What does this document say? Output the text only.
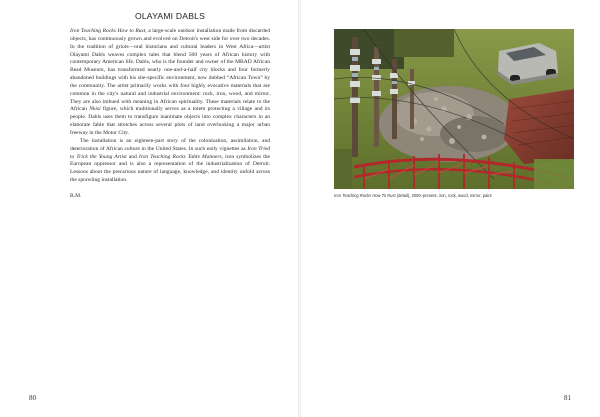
OLAYAMI DABLS

Iron Teaching Rocks How to Rust, a large-scale outdoor installation made from discarded objects, has continuously grown and evolved on Detroit's west side for over two decades. In the tradition of griots—oral historians and cultural leaders in West Africa—artist Olayami Dabls weaves complex tales that blend 500 years of African history with contemporary American life. Dabls, who is the founder and owner of the MBAD African Bead Museum, has transformed nearly one-and-a-half city blocks and four formerly abandoned buildings with his site-specific environment, now dubbed “African Town” by the community. The artist primarily works with four highly evocative materials that are common in the city's natural and industrial environment: rock, iron, wood, and mirror. They are also imbued with meaning in African spirituality. These materials relate to the African Nkisi figure, which traditionally serves as a totem protecting a village and its people. Dabls uses them to transfigure inanimate objects into complex characters in an elaborate fable that stretches across several plots of land overlooking a major urban freeway in the Motor City.

The installation is an eighteen-part story of the colonization, assimilation, and deterioration of African culture in the United States. In such early vignettes as Iron Tried to Trick the Young Artist and Iron Teaching Rocks Table Manners, iron symbolizes the European oppressor and is also a representation of the industrialization of Detroit. Lessons about the precarious nature of language, knowledge, and identity unfold across the sprawling installation.

R.M.

80
Iron Teaching Rocks How To Rust (detail), 2000–present, iron, rock, wood, mirror, paint
81
